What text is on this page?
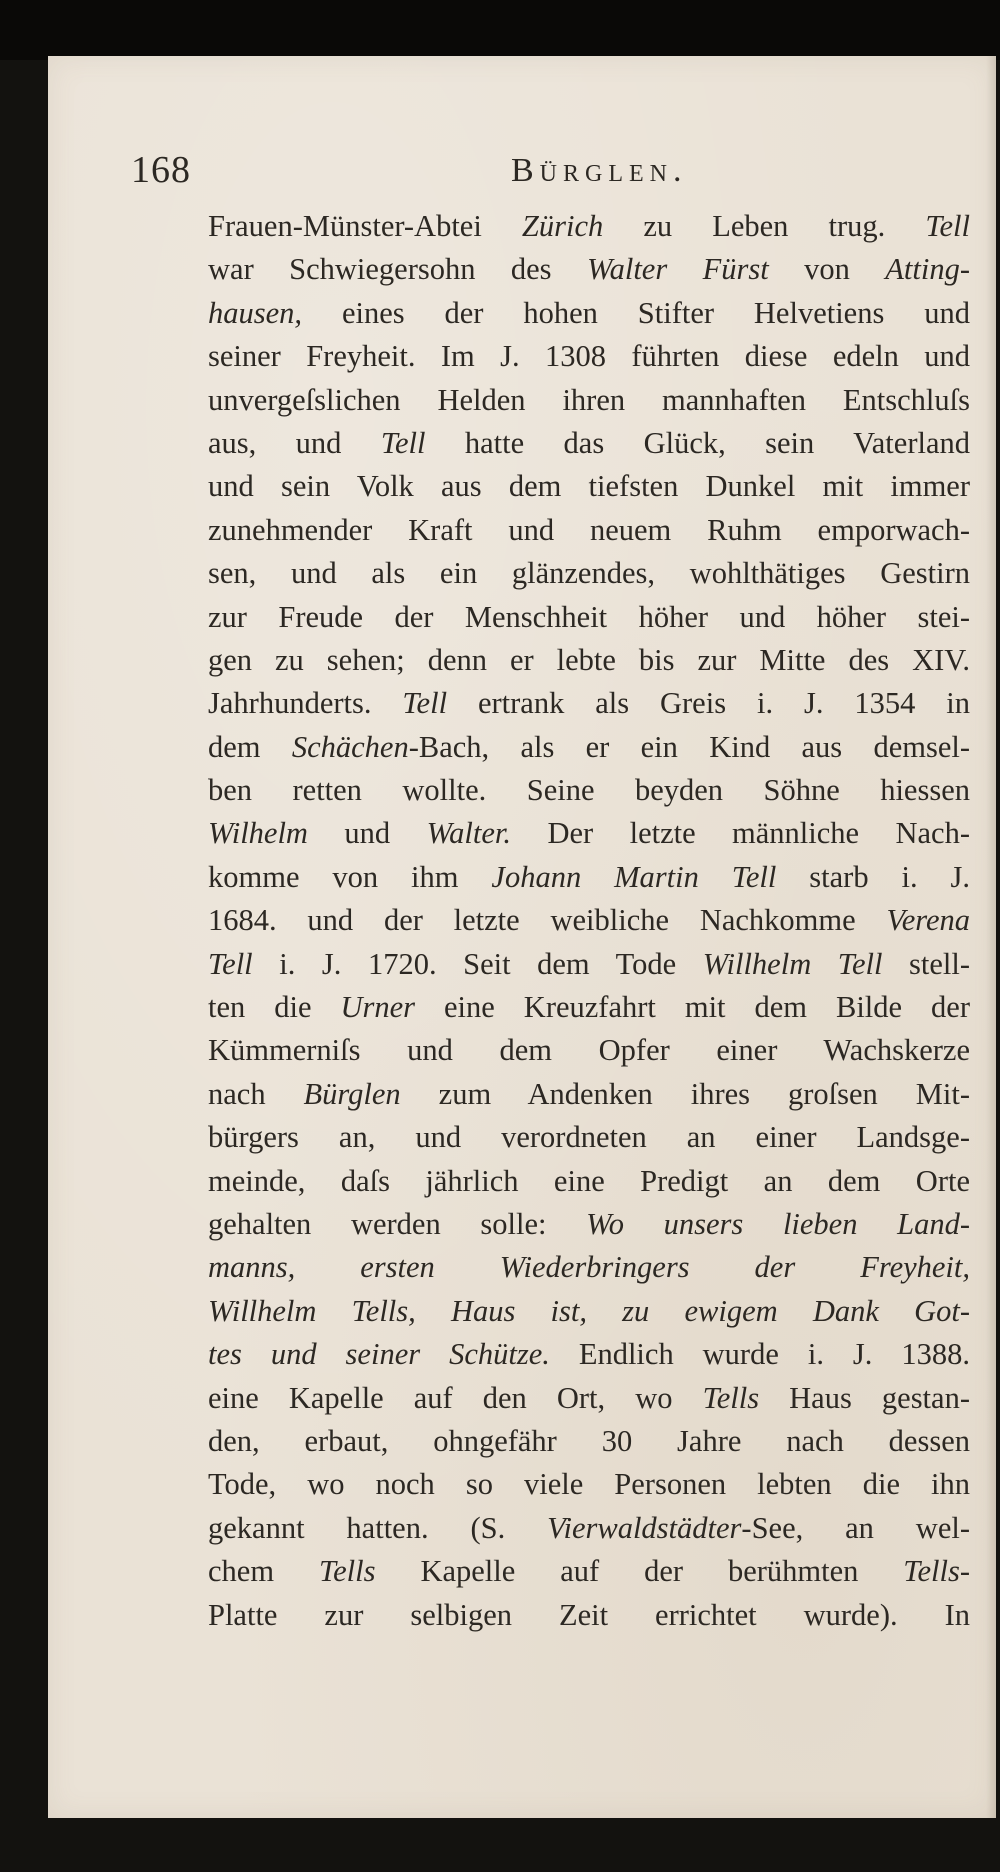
168	Bürglen.
Frauen-Münster-Abtei Zürich zu Leben trug. Tell
war Schwiegersohn des Walter Fürst von Atting-
hausen, eines der hohen Stifter Helvetiens und
seiner Freyheit. Im J. 1308 führten diese edeln und
unvergeſslichen Helden ihren mannhaften Entschluſs
aus, und Tell hatte das Glück, sein Vaterland
und sein Volk aus dem tiefsten Dunkel mit immer
zunehmender Kraft und neuem Ruhm emporwach-
sen, und als ein glänzendes, wohlthätiges Gestirn
zur Freude der Menschheit höher und höher stei-
gen zu sehen; denn er lebte bis zur Mitte des XIV.
Jahrhunderts. Tell ertrank als Greis i. J. 1354 in
dem Schächen-Bach, als er ein Kind aus demsel-
ben retten wollte. Seine beyden Söhne hiessen
Wilhelm und Walter. Der letzte männliche Nach-
komme von ihm Johann Martin Tell starb i. J.
1684. und der letzte weibliche Nachkomme Verena
Tell i. J. 1720. Seit dem Tode Willhelm Tell stell-
ten die Urner eine Kreuzfahrt mit dem Bilde der
Kümmerniſs und dem Opfer einer Wachskerze
nach Bürglen zum Andenken ihres groſsen Mit-
bürgers an, und verordneten an einer Landsge-
meinde, daſs jährlich eine Predigt an dem Orte
gehalten werden solle: Wo unsers lieben Land-
manns, ersten Wiederbringers der Freyheit,
Willhelm Tells, Haus ist, zu ewigem Dank Got-
tes und seiner Schütze. Endlich wurde i. J. 1388.
eine Kapelle auf den Ort, wo Tells Haus gestan-
den, erbaut, ohngefähr 30 Jahre nach dessen
Tode, wo noch so viele Personen lebten die ihn
gekannt hatten. (S. Vierwaldstädter-See, an wel-
chem Tells Kapelle auf der berühmten Tells-
Platte zur selbigen Zeit errichtet wurde). In
